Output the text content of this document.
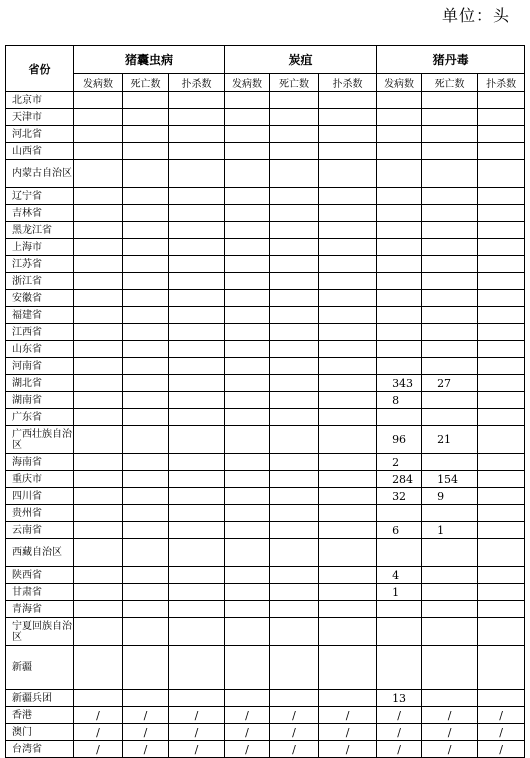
单位：头
省份	猪囊虫病			炭疽			猪丹毒		
	发病数	死亡数	扑杀数	发病数	死亡数	扑杀数	发病数	死亡数	扑杀数
北京市									
天津市									
河北省									
山西省									
内蒙古自治区									
辽宁省									
吉林省									
黑龙江省									
上海市									
江苏省									
浙江省									
安徽省									
福建省									
江西省									
山东省									
河南省									
湖北省							343	27	
湖南省							8		
广东省									
广西壮族自治区							96	21	
海南省							2		
重庆市							284	154	
四川省							32	9	
贵州省									
云南省							6	1	
西藏自治区									
陕西省							4		
甘肃省							1		
青海省									
宁夏回族自治区									
新疆									
新疆兵团							13		
香港	/	/	/	/	/	/	/	/	/
澳门	/	/	/	/	/	/	/	/	/
台湾省	/	/	/	/	/	/	/	/	/
